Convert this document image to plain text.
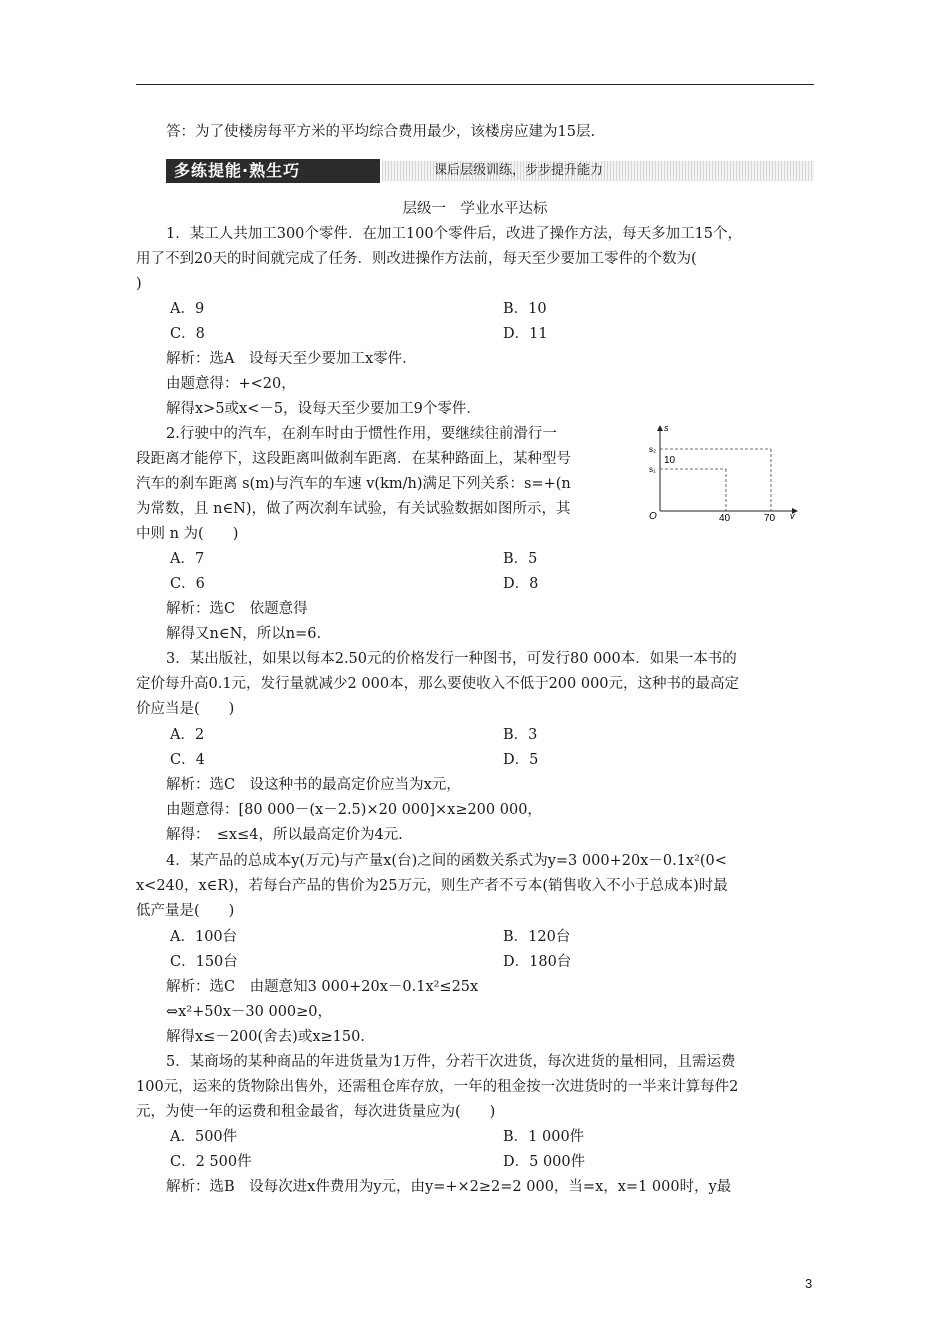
答：为了使楼房每平方米的平均综合费用最少，该楼房应建为15层.
多练提能·熟生巧	课后层级训练，步步提升能力
层级一　学业水平达标
1．某工人共加工300个零件．在加工100个零件后，改进了操作方法，每天多加工15个，
用了不到20天的时间就完成了任务．则改进操作方法前，每天至少要加工零件的个数为(
)
A．9	B．10
C．8	D．11
解析：选A　设每天至少要加工x零件．
由题意得：+<20，
解得x>5或x<－5，设每天至少要加工9个零件．
2.行驶中的汽车，在刹车时由于惯性作用，要继续往前滑行一
段距离才能停下，这段距离叫做刹车距离．在某种路面上，某种型号
汽车的刹车距离 s(m)与汽车的车速 v(km/h)满足下列关系：s=+(n
为常数，且 n∈N)，做了两次刹车试验，有关试验数据如图所示，其
中则 n 为(　　)
s
v
O
s₂
s₁
10
40	70
A．7	B．5
C．6	D．8
解析：选C　依题意得
解得又n∈N，所以n=6.
3．某出版社，如果以每本2.50元的价格发行一种图书，可发行80 000本．如果一本书的
定价每升高0.1元，发行量就减少2 000本，那么要使收入不低于200 000元，这种书的最高定
价应当是(　　)
A．2	B．3
C．4	D．5
解析：选C　设这种书的最高定价应当为x元，
由题意得：[80 000－(x－2.5)×20 000]×x≥200 000，
解得：　≤x≤4，所以最高定价为4元.
4．某产品的总成本y(万元)与产量x(台)之间的函数关系式为y=3 000+20x－0.1x²(0<
x<240，x∈R)，若每台产品的售价为25万元，则生产者不亏本(销售收入不小于总成本)时最
低产量是(　　)
A．100台	B．120台
C．150台	D．180台
解析：选C　由题意知3 000+20x－0.1x²≤25x
⇔x²+50x－30 000≥0，
解得x≤－200(舍去)或x≥150.
5．某商场的某种商品的年进货量为1万件，分若干次进货，每次进货的量相同，且需运费
100元，运来的货物除出售外，还需租仓库存放，一年的租金按一次进货时的一半来计算每件2
元，为使一年的运费和租金最省，每次进货量应为(　　)
A．500件	B．1 000件
C．2 500件	D．5 000件
解析：选B　设每次进x件费用为y元，由y=+×2≥2=2 000，当=x，x=1 000时，y最
3
